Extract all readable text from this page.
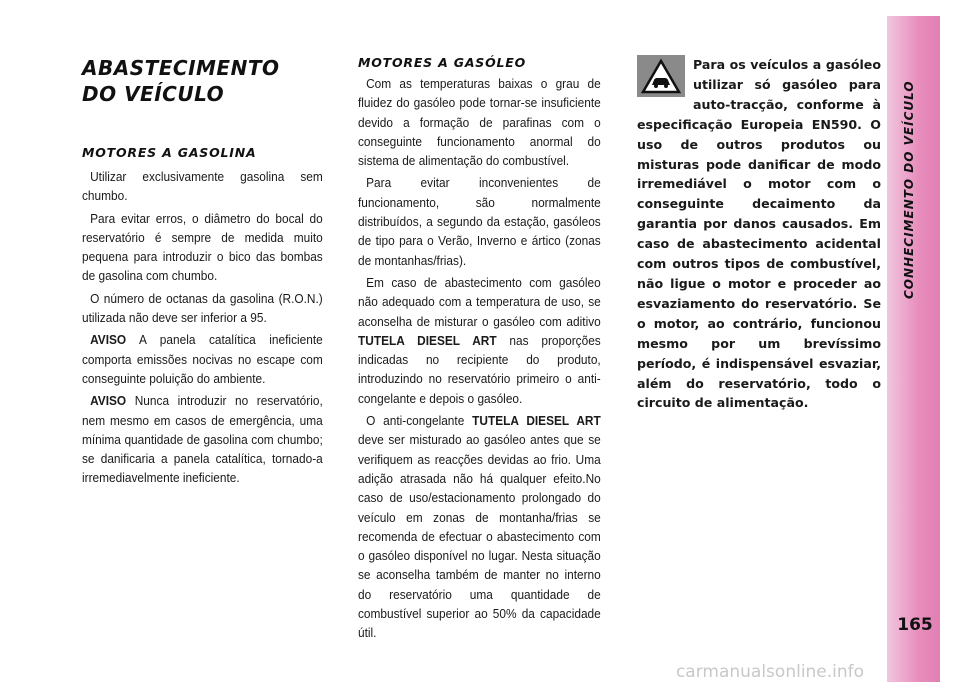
CONHECIMENTO DO VEÍCULO
165
ABASTECIMENTO
DO VEÍCULO
MOTORES A GASOLINA

Utilizar exclusivamente gasolina sem chumbo.

Para evitar erros, o diâmetro do bocal do reservatório é sempre de medida muito pequena para introduzir o bico das bombas de gasolina com chumbo.

O número de octanas da gasolina (R.O.N.) utilizada não deve ser inferior a 95.

AVISO A panela catalítica ineficiente comporta emissões nocivas no escape com conseguinte poluição do ambiente.

AVISO Nunca introduzir no reservatório, nem mesmo em casos de emergência, uma mínima quantidade de gasolina com chumbo; se danificaria a panela catalítica, tornado-a irremediavelmente ineficiente.

MOTORES A GASÓLEO

Com as temperaturas baixas o grau de fluidez do gasóleo pode tornar-se insuficiente devido a formação de parafinas com o conseguinte funcionamento anormal do sistema de alimentação do combustível.

Para evitar inconvenientes de funcionamento, são normalmente distribuídos, a segundo da estação, gasóleos de tipo para o Verão, Inverno e ártico (zonas de montanhas/frias).

Em caso de abastecimento com gasóleo não adequado com a temperatura de uso, se aconselha de misturar o gasóleo com aditivo TUTELA DIESEL ART nas proporções indicadas no recipiente do produto, introduzindo no reservatório primeiro o anti-congelante e depois o gasóleo.

O anti-congelante TUTELA DIESEL ART deve ser misturado ao gasóleo antes que se verifiquem as reacções devidas ao frio. Uma adição atrasada não há qualquer efeito.No caso de uso/estacionamento prolongado do veículo em zonas de montanha/frias se recomenda de efectuar o abastecimento com o gasóleo disponível no lugar. Nesta situação se aconselha também de manter no interno do reservatório uma quantidade de combustível superior ao 50% da capacidade útil.

Para os veículos a gasóleo utilizar só gasóleo para auto-tracção, conforme à especificação Europeia EN590. O uso de outros produtos ou misturas pode danificar de modo irremediável o motor com o conseguinte decaimento da garantia por danos causados. Em caso de abastecimento acidental com outros tipos de combustível, não ligue o motor e proceder ao esvaziamento do reservatório. Se o motor, ao contrário, funcionou mesmo por um brevíssimo período, é indispensável esvaziar, além do reservatório, todo o circuito de alimentação.
carmanualsonline.info
